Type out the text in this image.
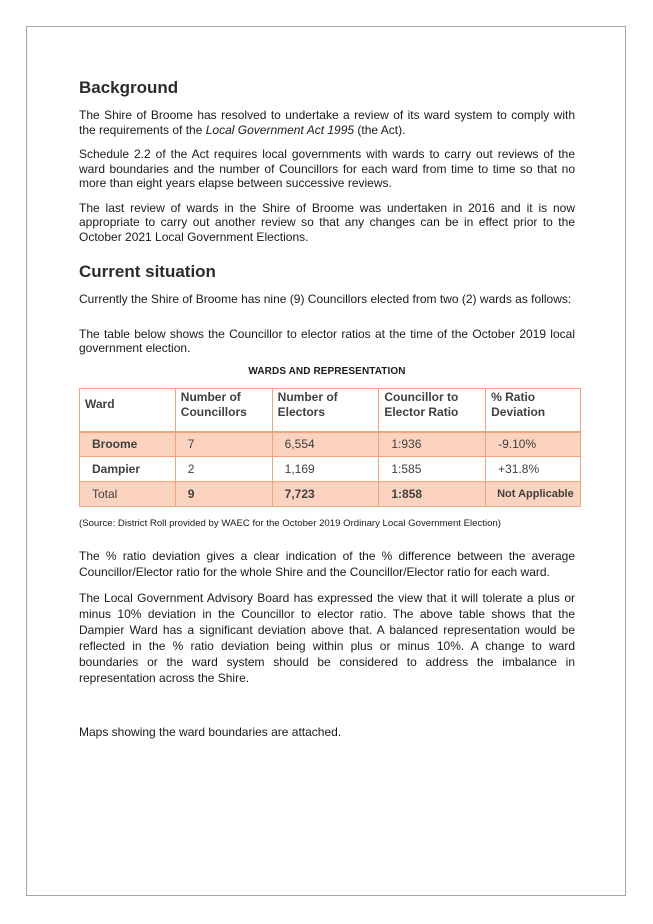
Background

The Shire of Broome has resolved to undertake a review of its ward system to comply with the requirements of the Local Government Act 1995 (the Act).

Schedule 2.2 of the Act requires local governments with wards to carry out reviews of the ward boundaries and the number of Councillors for each ward from time to time so that no more than eight years elapse between successive reviews.

The last review of wards in the Shire of Broome was undertaken in 2016 and it is now appropriate to carry out another review so that any changes can be in effect prior to the October 2021 Local Government Elections.

Current situation

Currently the Shire of Broome has nine (9) Councillors elected from two (2) wards as follows:

The table below shows the Councillor to elector ratios at the time of the October 2019 local government election.

WARDS AND REPRESENTATION
Ward	Number of Councillors	Number of Electors	Councillor to Elector Ratio	% Ratio Deviation
Broome	7	6,554	1:936	-9.10%
Dampier	2	1,169	1:585	+31.8%
Total	9	7,723	1:858	Not Applicable

(Source: District Roll provided by WAEC for the October 2019 Ordinary Local Government Election)

The % ratio deviation gives a clear indication of the % difference between the average Councillor/Elector ratio for the whole Shire and the Councillor/Elector ratio for each ward.

The Local Government Advisory Board has expressed the view that it will tolerate a plus or minus 10% deviation in the Councillor to elector ratio. The above table shows that the Dampier Ward has a significant deviation above that. A balanced representation would be reflected in the % ratio deviation being within plus or minus 10%. A change to ward boundaries or the ward system should be considered to address the imbalance in representation across the Shire.

Maps showing the ward boundaries are attached.
